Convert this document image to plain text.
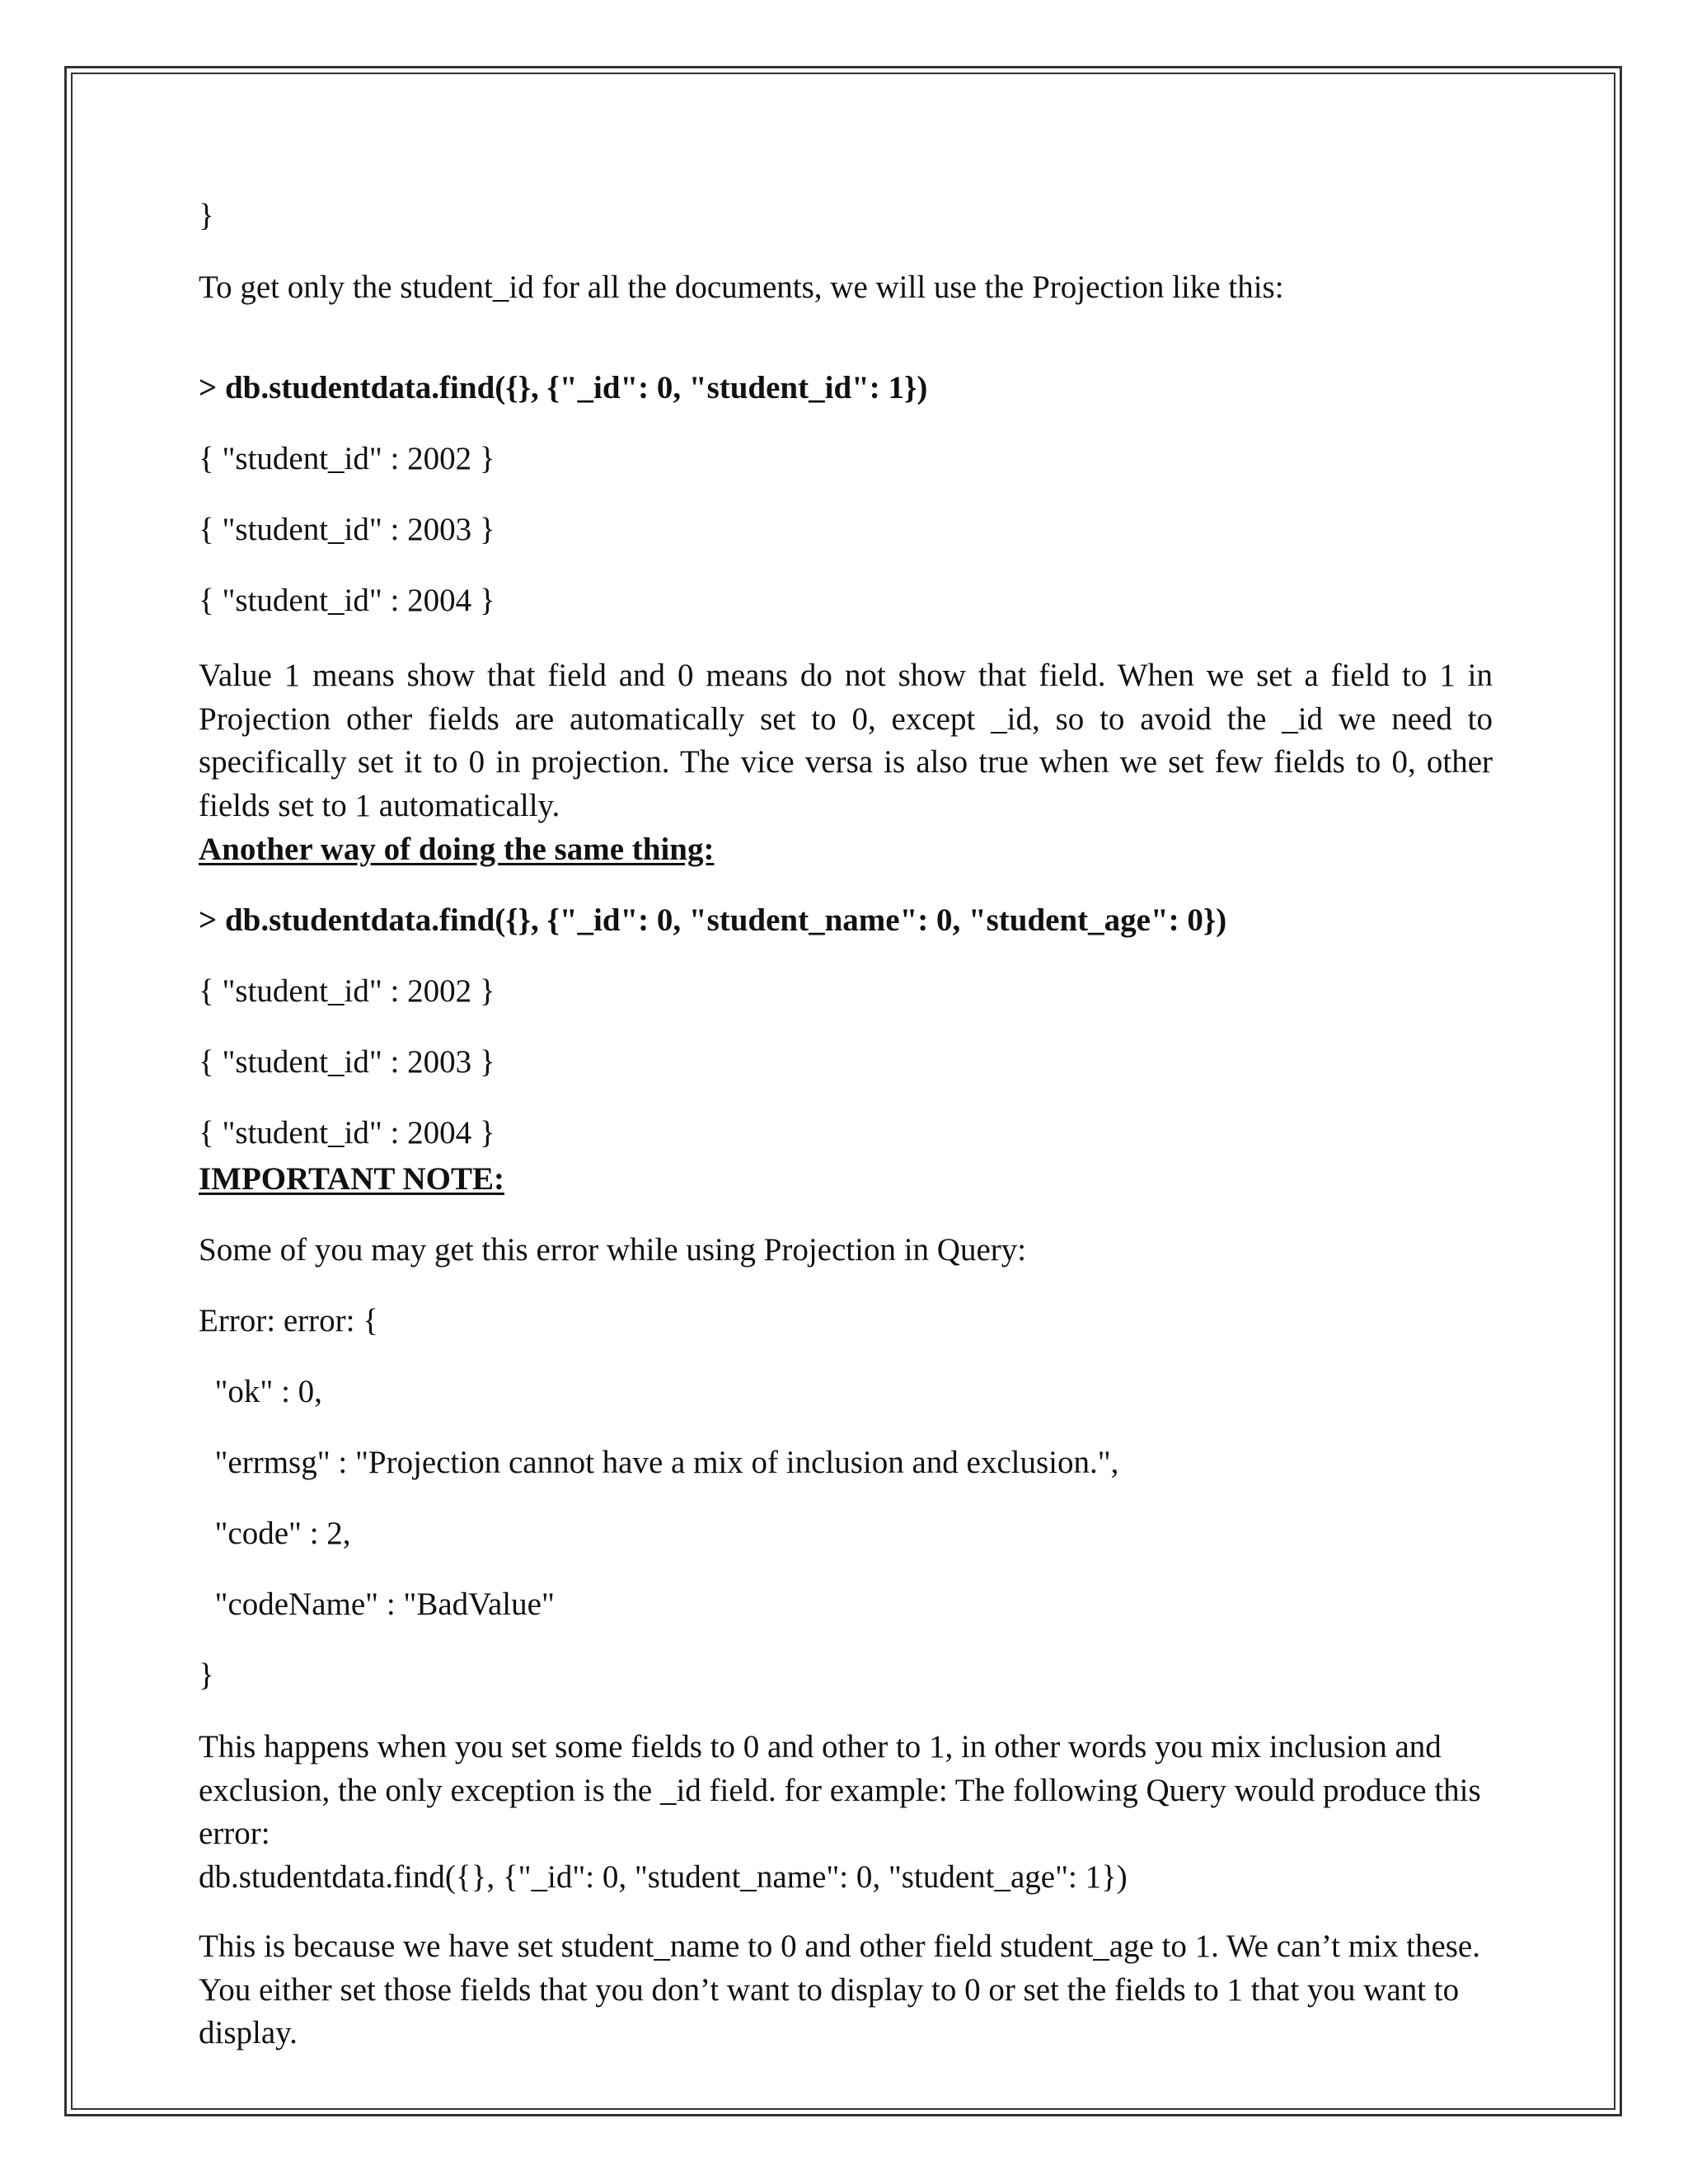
}
To get only the student_id for all the documents, we will use the Projection like this:
> db.studentdata.find({}, {"_id": 0, "student_id": 1})
{ "student_id" : 2002 }
{ "student_id" : 2003 }
{ "student_id" : 2004 }
Value 1 means show that field and 0 means do not show that field. When we set a field to 1 in Projection other fields are automatically set to 0, except _id, so to avoid the _id we need to specifically set it to 0 in projection. The vice versa is also true when we set few fields to 0, other fields set to 1 automatically.
Another way of doing the same thing:
> db.studentdata.find({}, {"_id": 0, "student_name": 0, "student_age": 0})
{ "student_id" : 2002 }
{ "student_id" : 2003 }
{ "student_id" : 2004 }
IMPORTANT NOTE:
Some of you may get this error while using Projection in Query:
Error: error: {
"ok" : 0,
"errmsg" : "Projection cannot have a mix of inclusion and exclusion.",
"code" : 2,
"codeName" : "BadValue"
}
This happens when you set some fields to 0 and other to 1, in other words you mix inclusion and exclusion, the only exception is the _id field. for example: The following Query would produce this error:
db.studentdata.find({}, {"_id": 0, "student_name": 0, "student_age": 1})
This is because we have set student_name to 0 and other field student_age to 1. We can’t mix these. You either set those fields that you don’t want to display to 0 or set the fields to 1 that you want to display.
